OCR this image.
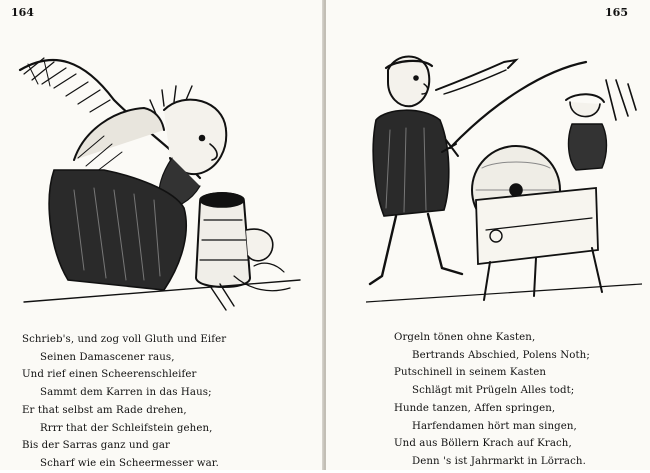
164
Schrieb's, und zog voll Gluth und Eifer
Seinen Damascener raus,
Und rief einen Scheerenschleifer
Sammt dem Karren in das Haus;
Er that selbst am Rade drehen,
Rrrr that der Schleifstein gehen,
Bis der Sarras ganz und gar
Scharf wie ein Scheermesser war.
165
Orgeln tönen ohne Kasten,
Bertrands Abschied, Polens Noth;
Putschinell in seinem Kasten
Schlägt mit Prügeln Alles todt;
Hunde tanzen, Affen springen,
Harfendamen hört man singen,
Und aus Böllern Krach auf Krach,
Denn 's ist Jahrmarkt in Lörrach.
